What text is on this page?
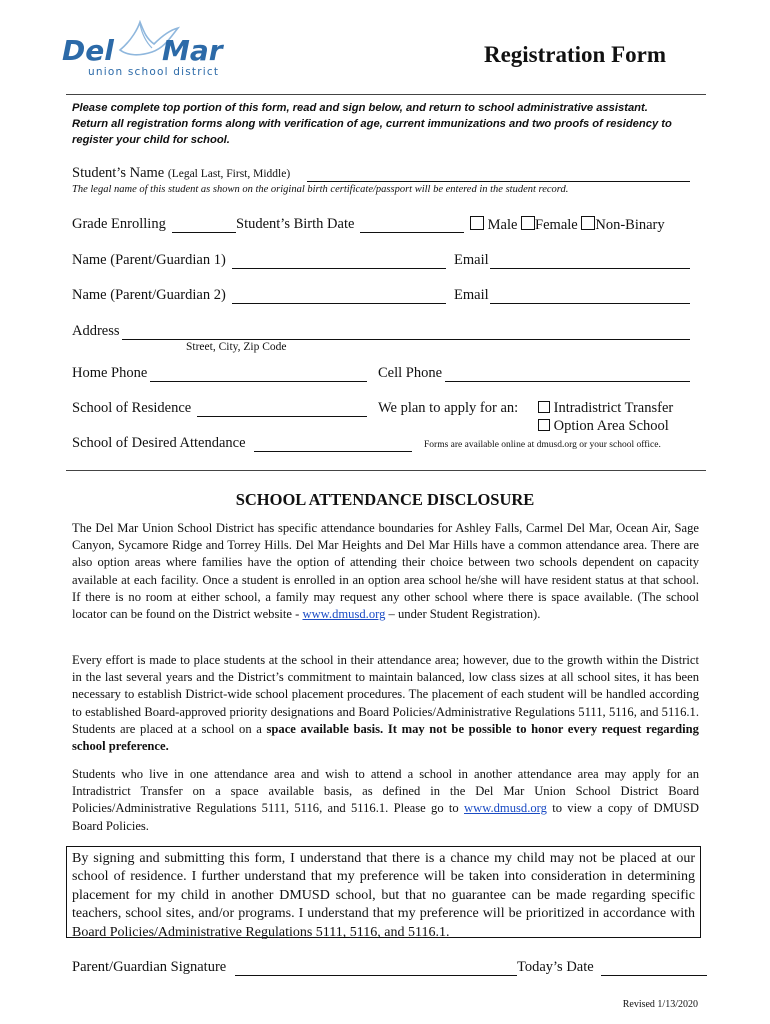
Del Mar
union school district
Registration Form
Please complete top portion of this form, read and sign below, and return to school administrative assistant.
Return all registration forms along with verification of age, current immunizations and two proofs of residency to register your child for school.
Student’s Name (Legal Last, First, Middle)
The legal name of this student as shown on the original birth certificate/passport will be entered in the student record.
Grade Enrolling	Student’s Birth Date	Male Female Non-Binary
Name (Parent/Guardian 1)	Email
Name (Parent/Guardian 2)	Email
Address
Street, City, Zip Code
Home Phone	Cell Phone
School of Residence	We plan to apply for an:	Intradistrict Transfer
Option Area School
School of Desired Attendance	Forms are available online at dmusd.org or your school office.
SCHOOL ATTENDANCE DISCLOSURE
The Del Mar Union School District has specific attendance boundaries for Ashley Falls, Carmel Del Mar, Ocean Air, Sage Canyon, Sycamore Ridge and Torrey Hills. Del Mar Heights and Del Mar Hills have a common attendance area. There are also option areas where families have the option of attending their choice between two schools dependent on capacity available at each facility. Once a student is enrolled in an option area school he/she will have resident status at that school. If there is no room at either school, a family may request any other school where there is space available. (The school locator can be found on the District website - www.dmusd.org – under Student Registration).
Every effort is made to place students at the school in their attendance area; however, due to the growth within the District in the last several years and the District’s commitment to maintain balanced, low class sizes at all school sites, it has been necessary to establish District-wide school placement procedures. The placement of each student will be handled according to established Board-approved priority designations and Board Policies/Administrative Regulations 5111, 5116, and 5116.1. Students are placed at a school on a space available basis. It may not be possible to honor every request regarding school preference.
Students who live in one attendance area and wish to attend a school in another attendance area may apply for an Intradistrict Transfer on a space available basis, as defined in the Del Mar Union School District Board Policies/Administrative Regulations 5111, 5116, and 5116.1. Please go to www.dmusd.org to view a copy of DMUSD Board Policies.

By signing and submitting this form, I understand that there is a chance my child may not be placed at our school of residence. I further understand that my preference will be taken into consideration in determining placement for my child in another DMUSD school, but that no guarantee can be made regarding specific teachers, school sites, and/or programs. I understand that my preference will be prioritized in accordance with Board Policies/Administrative Regulations 5111, 5116, and 5116.1.

Parent/Guardian Signature	Today’s Date
Revised 1/13/2020
